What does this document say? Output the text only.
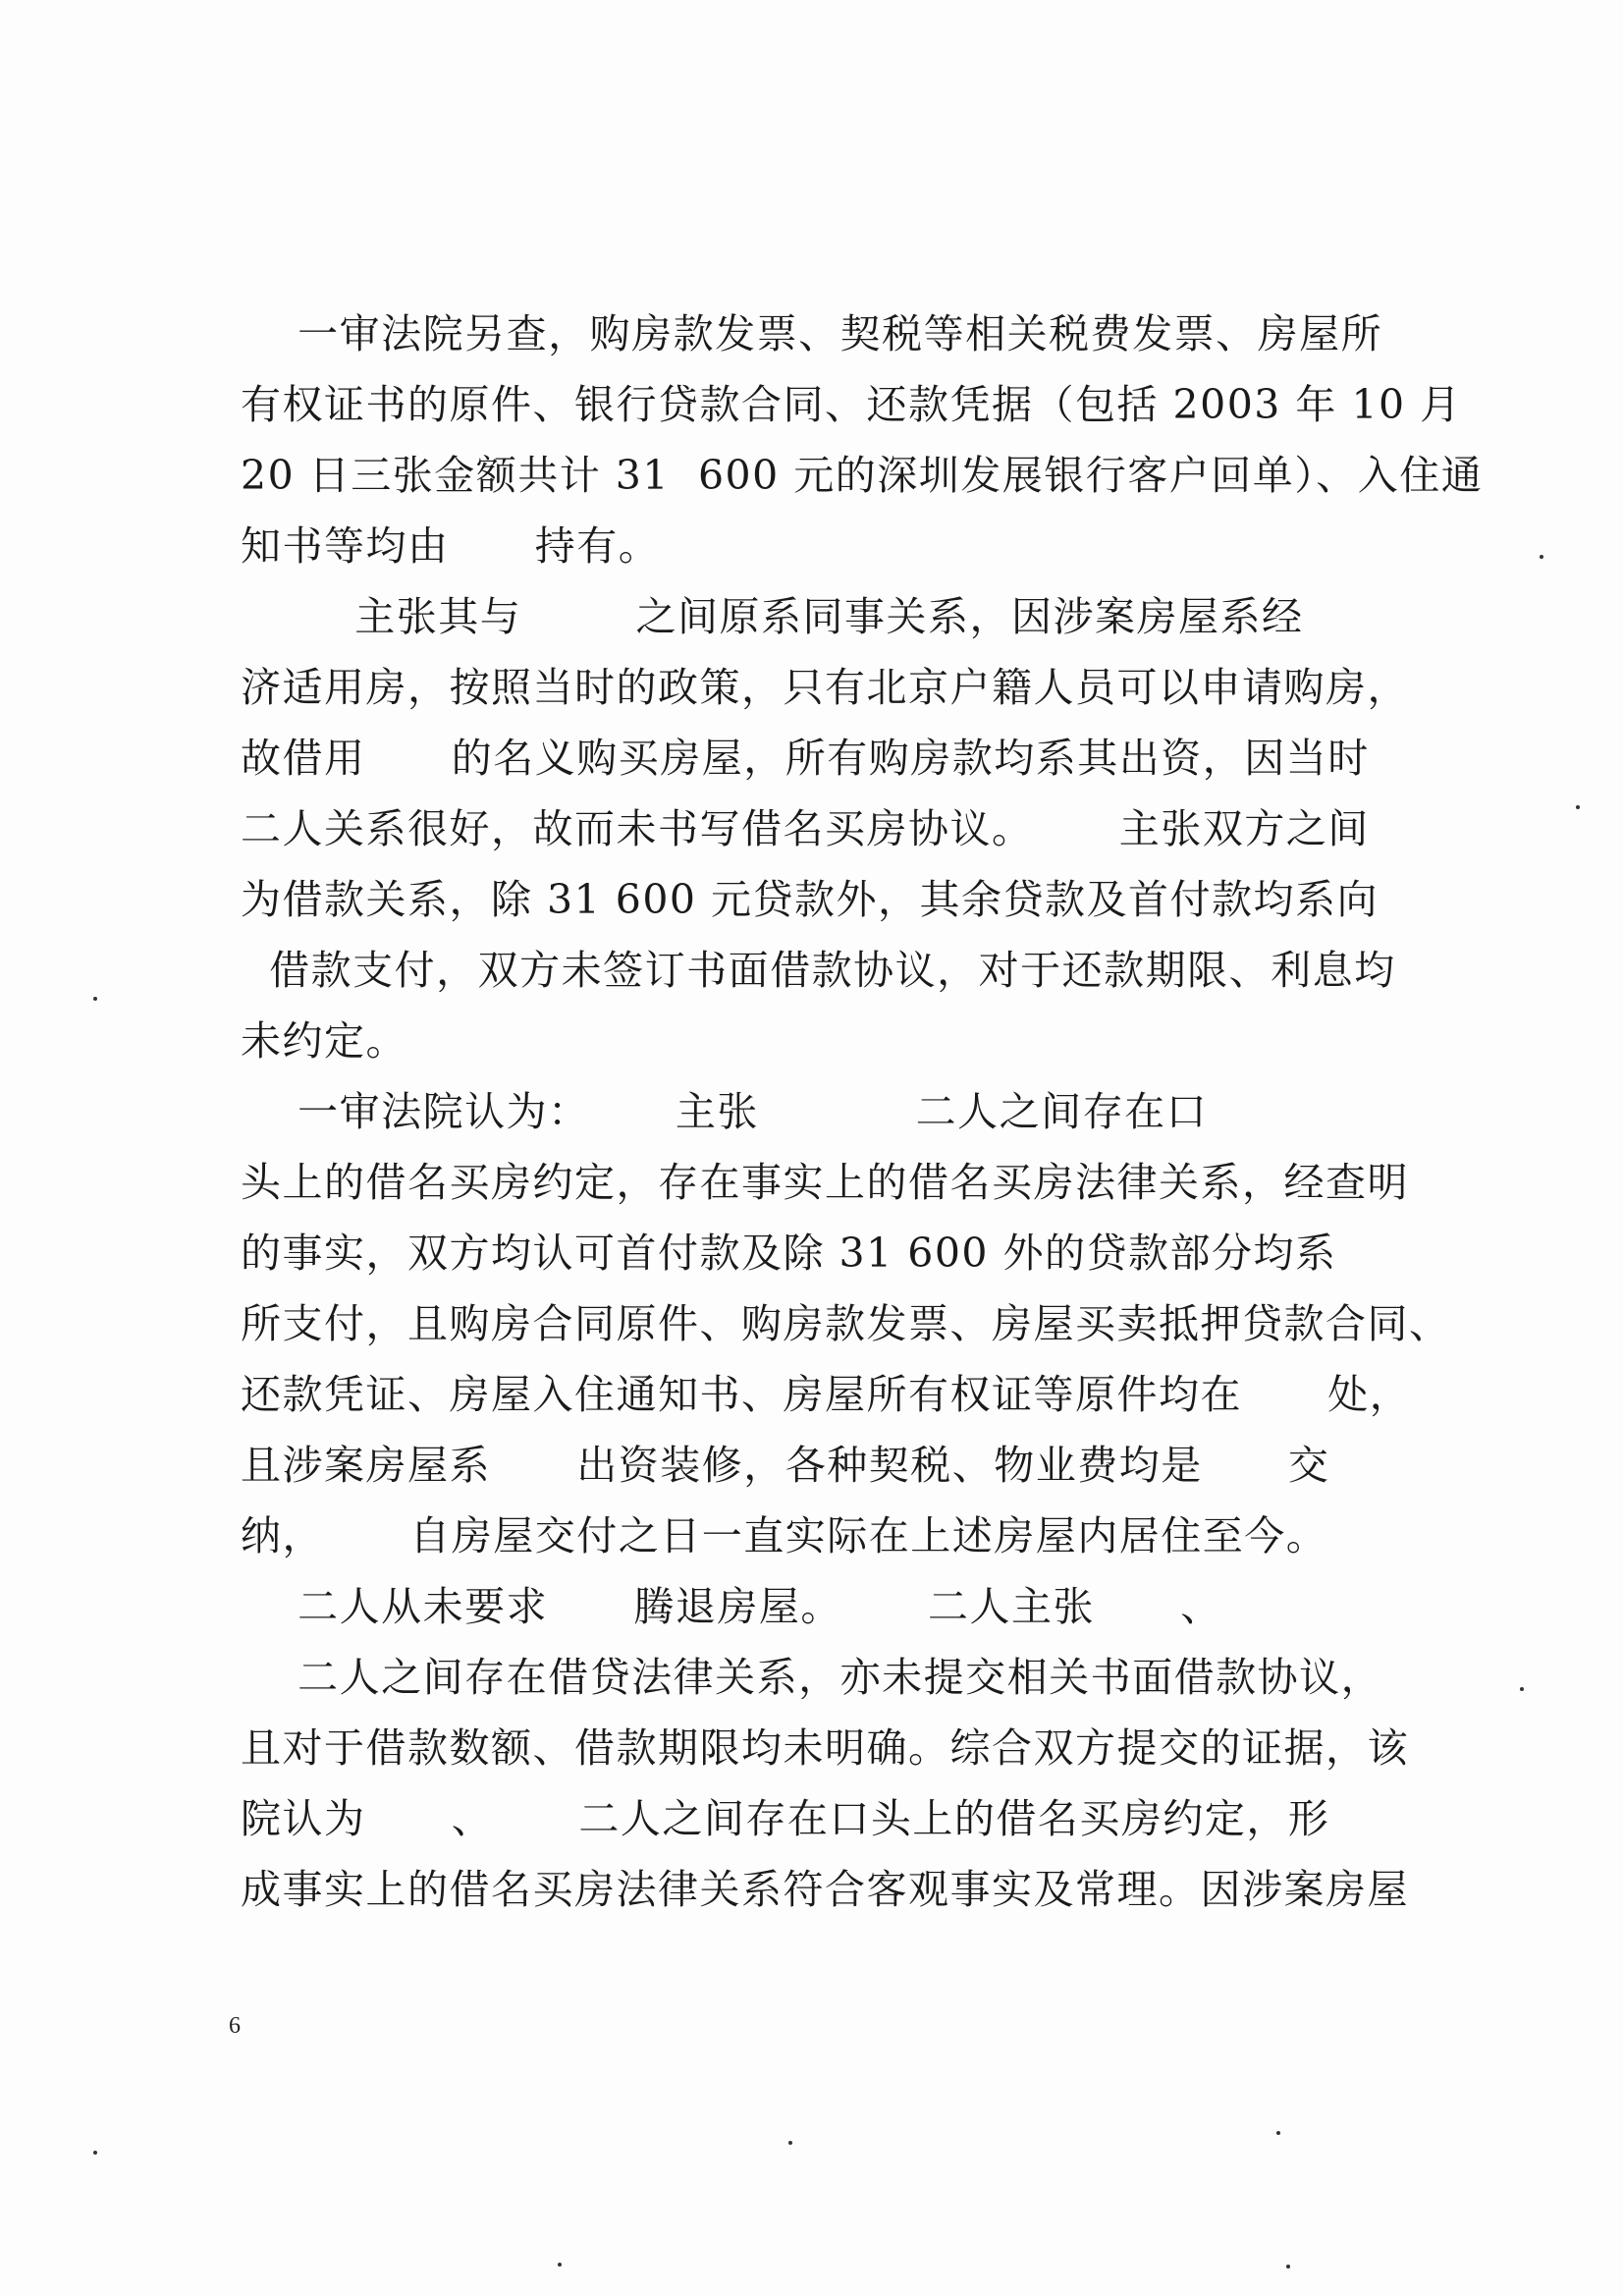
一审法院另查，购房款发票、契税等相关税费发票、房屋所
有权证书的原件、银行贷款合同、还款凭据（包括 2003 年 10 月
20 日三张金额共计 31  600 元的深圳发展银行客户回单）、入住通
知书等均由      持有。
主张其与        之间原系同事关系，因涉案房屋系经
济适用房，按照当时的政策，只有北京户籍人员可以申请购房，
故借用      的名义购买房屋，所有购房款均系其出资，因当时
二人关系很好，故而未书写借名买房协议。      主张双方之间
为借款关系，除 31 600 元贷款外，其余贷款及首付款均系向
借款支付，双方未签订书面借款协议，对于还款期限、利息均
未约定。
一审法院认为：      主张           二人之间存在口
头上的借名买房约定，存在事实上的借名买房法律关系，经查明
的事实，双方均认可首付款及除 31 600 外的贷款部分均系
所支付，且购房合同原件、购房款发票、房屋买卖抵押贷款合同、
还款凭证、房屋入住通知书、房屋所有权证等原件均在      处，
且涉案房屋系      出资装修，各种契税、物业费均是      交
纳，      自房屋交付之日一直实际在上述房屋内居住至今。
二人从未要求      腾退房屋。      二人主张      、
二人之间存在借贷法律关系，亦未提交相关书面借款协议，
且对于借款数额、借款期限均未明确。综合双方提交的证据，该
院认为      、      二人之间存在口头上的借名买房约定，形
成事实上的借名买房法律关系符合客观事实及常理。因涉案房屋
6
